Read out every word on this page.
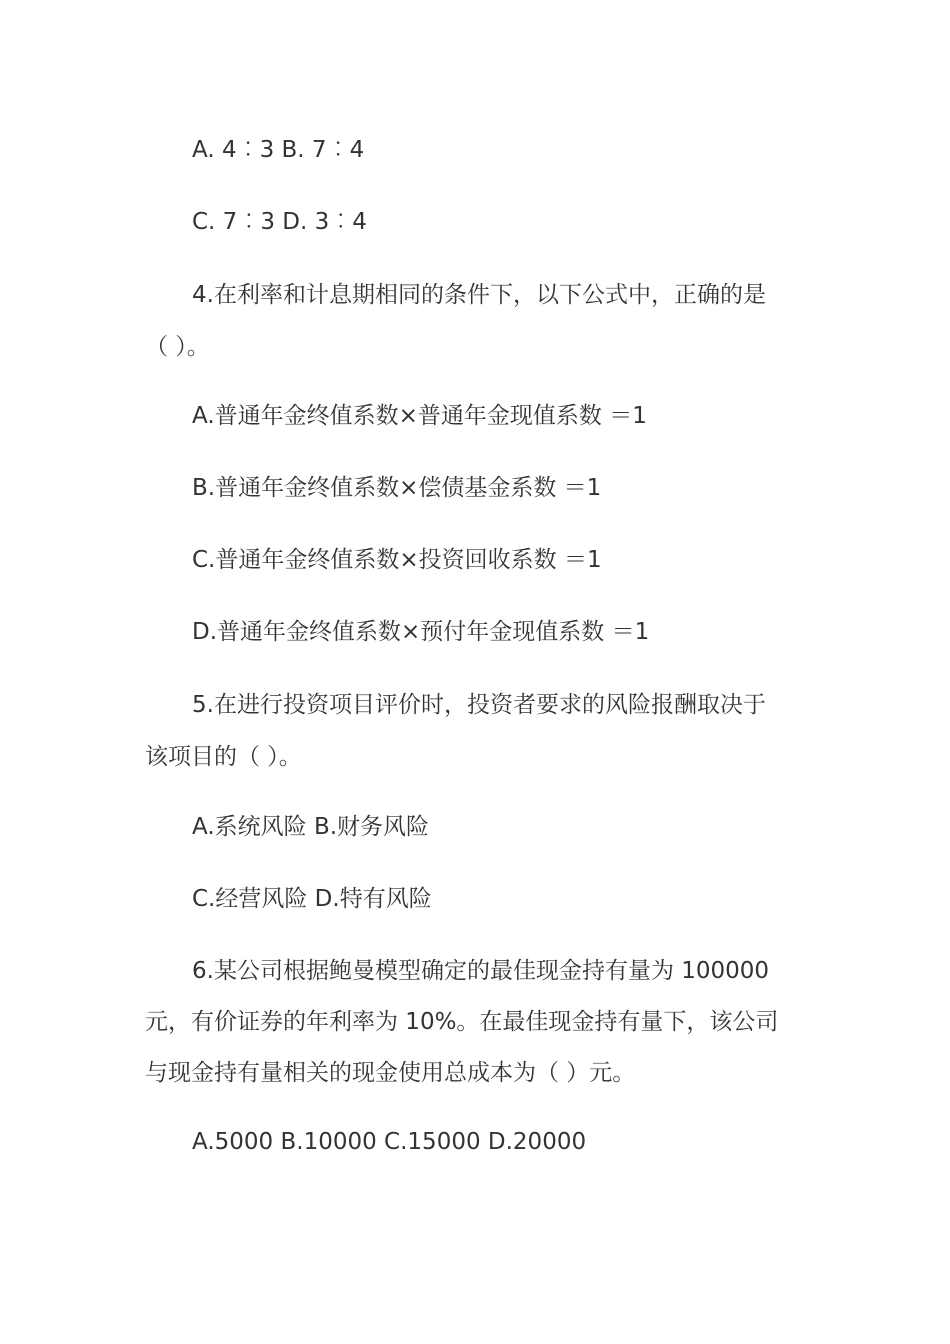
A. 4︰3 B. 7︰4
C. 7︰3 D. 3︰4
4.在利率和计息期相同的条件下，以下公式中，正确的是
（ ）。
A.普通年金终值系数×普通年金现值系数 ＝1
B.普通年金终值系数×偿债基金系数 ＝1
C.普通年金终值系数×投资回收系数 ＝1
D.普通年金终值系数×预付年金现值系数 ＝1
5.在进行投资项目评价时，投资者要求的风险报酬取决于
该项目的（ ）。
A.系统风险 B.财务风险
C.经营风险 D.特有风险
6.某公司根据鲍曼模型确定的最佳现金持有量为 100000
元，有价证券的年利率为 10%。在最佳现金持有量下，该公司
与现金持有量相关的现金使用总成本为（ ）元。
A.5000 B.10000 C.15000 D.20000
